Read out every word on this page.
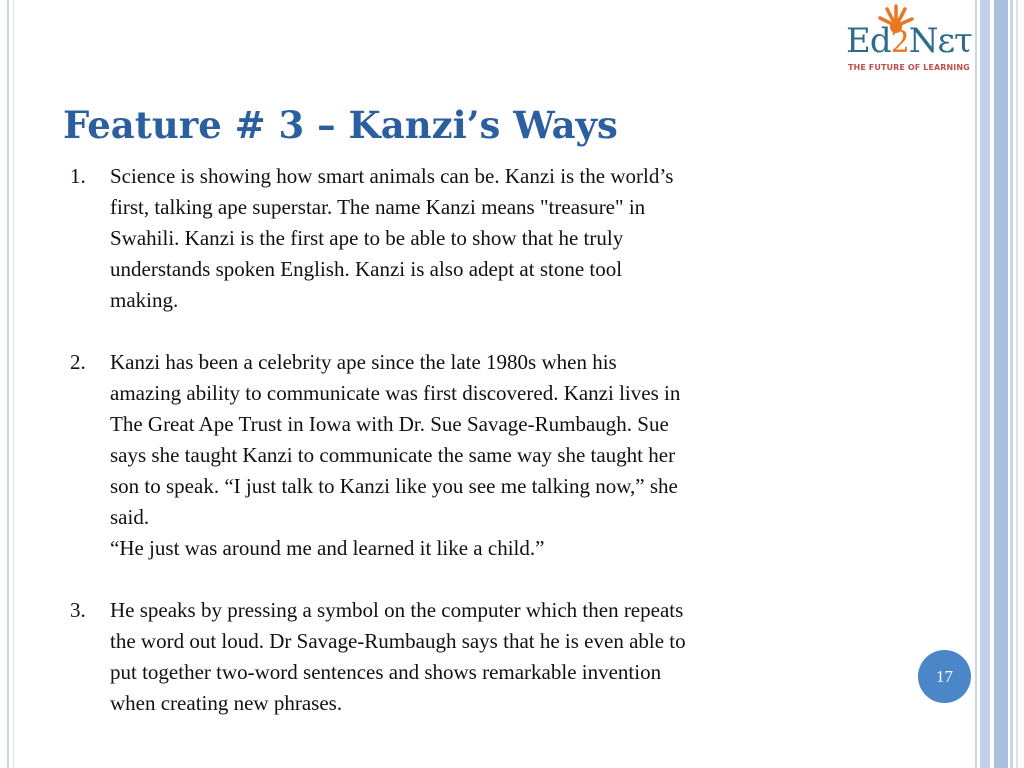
Ed2Nετ
THE FUTURE OF LEARNING
Feature # 3 – Kanzi’s Ways
1. Science is showing how smart animals can be. Kanzi is the world’s
first, talking ape superstar. The name Kanzi means "treasure" in
Swahili. Kanzi is the first ape to be able to show that he truly
understands spoken English. Kanzi is also adept at stone tool
making.
2. Kanzi has been a celebrity ape since the late 1980s when his
amazing ability to communicate was first discovered. Kanzi lives in
The Great Ape Trust in Iowa with Dr. Sue Savage-Rumbaugh. Sue
says she taught Kanzi to communicate the same way she taught her
son to speak. “I just talk to Kanzi like you see me talking now,” she
said.
“He just was around me and learned it like a child.”
3. He speaks by pressing a symbol on the computer which then repeats
the word out loud. Dr Savage-Rumbaugh says that he is even able to
put together two-word sentences and shows remarkable invention
when creating new phrases.
17
